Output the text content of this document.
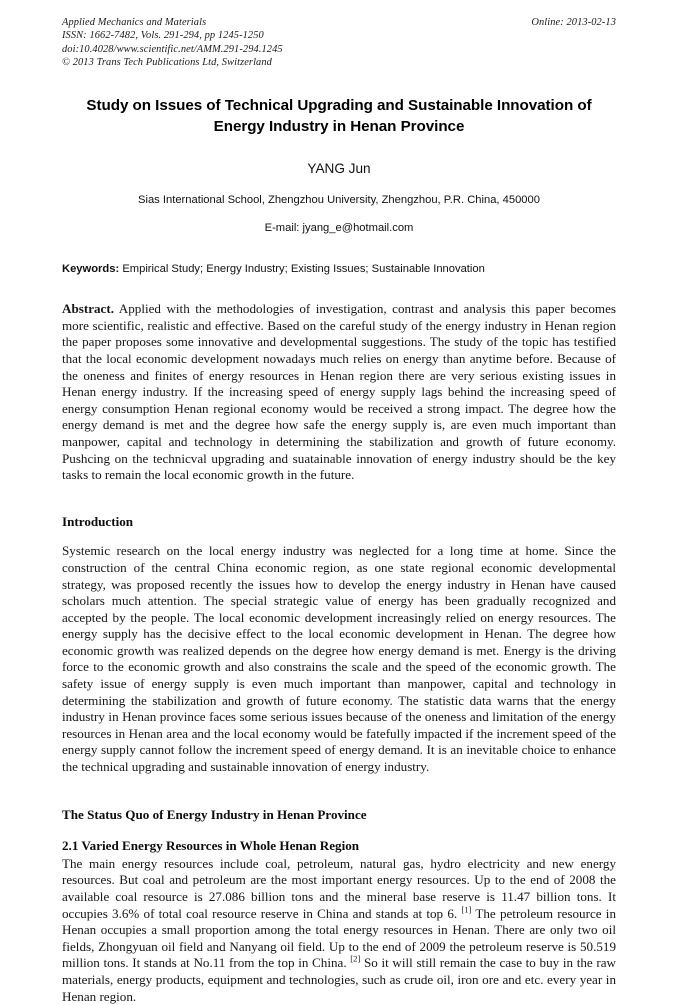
Applied Mechanics and Materials
ISSN: 1662-7482, Vols. 291-294, pp 1245-1250
doi:10.4028/www.scientific.net/AMM.291-294.1245
© 2013 Trans Tech Publications Ltd, Switzerland
Online: 2013-02-13
Study on Issues of Technical Upgrading and Sustainable Innovation of Energy Industry in Henan Province
YANG Jun
Sias International School, Zhengzhou University, Zhengzhou, P.R. China, 450000
E-mail: jyang_e@hotmail.com
Keywords: Empirical Study; Energy Industry; Existing Issues; Sustainable Innovation

Abstract. Applied with the methodologies of investigation, contrast and analysis this paper becomes more scientific, realistic and effective. Based on the careful study of the energy industry in Henan region the paper proposes some innovative and developmental suggestions. The study of the topic has testified that the local economic development nowadays much relies on energy than anytime before. Because of the oneness and finites of energy resources in Henan region there are very serious existing issues in Henan energy industry. If the increasing speed of energy supply lags behind the increasing speed of energy consumption Henan regional economy would be received a strong impact. The degree how the energy demand is met and the degree how safe the energy supply is, are even much important than manpower, capital and technology in determining the stabilization and growth of future economy. Pushcing on the technicval upgrading and suatainable innovation of energy industry should be the key tasks to remain the local economic growth in the future.

Introduction

Systemic research on the local energy industry was neglected for a long time at home. Since the construction of the central China economic region, as one state regional economic developmental strategy, was proposed recently the issues how to develop the energy industry in Henan have caused scholars much attention. The special strategic value of energy has been gradually recognized and accepted by the people. The local economic development increasingly relied on energy resources. The energy supply has the decisive effect to the local economic development in Henan. The degree how economic growth was realized depends on the degree how energy demand is met. Energy is the driving force to the economic growth and also constrains the scale and the speed of the economic growth. The safety issue of energy supply is even much important than manpower, capital and technology in determining the stabilization and growth of future economy. The statistic data warns that the energy industry in Henan province faces some serious issues because of the oneness and limitation of the energy resources in Henan area and the local economy would be fatefully impacted if the increment speed of the energy supply cannot follow the increment speed of energy demand. It is an inevitable choice to enhance the technical upgrading and sustainable innovation of energy industry.

The Status Quo of Energy Industry in Henan Province
2.1 Varied Energy Resources in Whole Henan Region

The main energy resources include coal, petroleum, natural gas, hydro electricity and new energy resources. But coal and petroleum are the most important energy resources. Up to the end of 2008 the available coal resource is 27.086 billion tons and the mineral base reserve is 11.47 billion tons. It occupies 3.6% of total coal resource reserve in China and stands at top 6. [1] The petroleum resource in Henan occupies a small proportion among the total energy resources in Henan. There are only two oil fields, Zhongyuan oil field and Nanyang oil field. Up to the end of 2009 the petroleum reserve is 50.519 million tons. It stands at No.11 from the top in China. [2] So it will still remain the case to buy in the raw materials, energy products, equipment and technologies, such as crude oil, iron ore and etc. every year in Henan region.
